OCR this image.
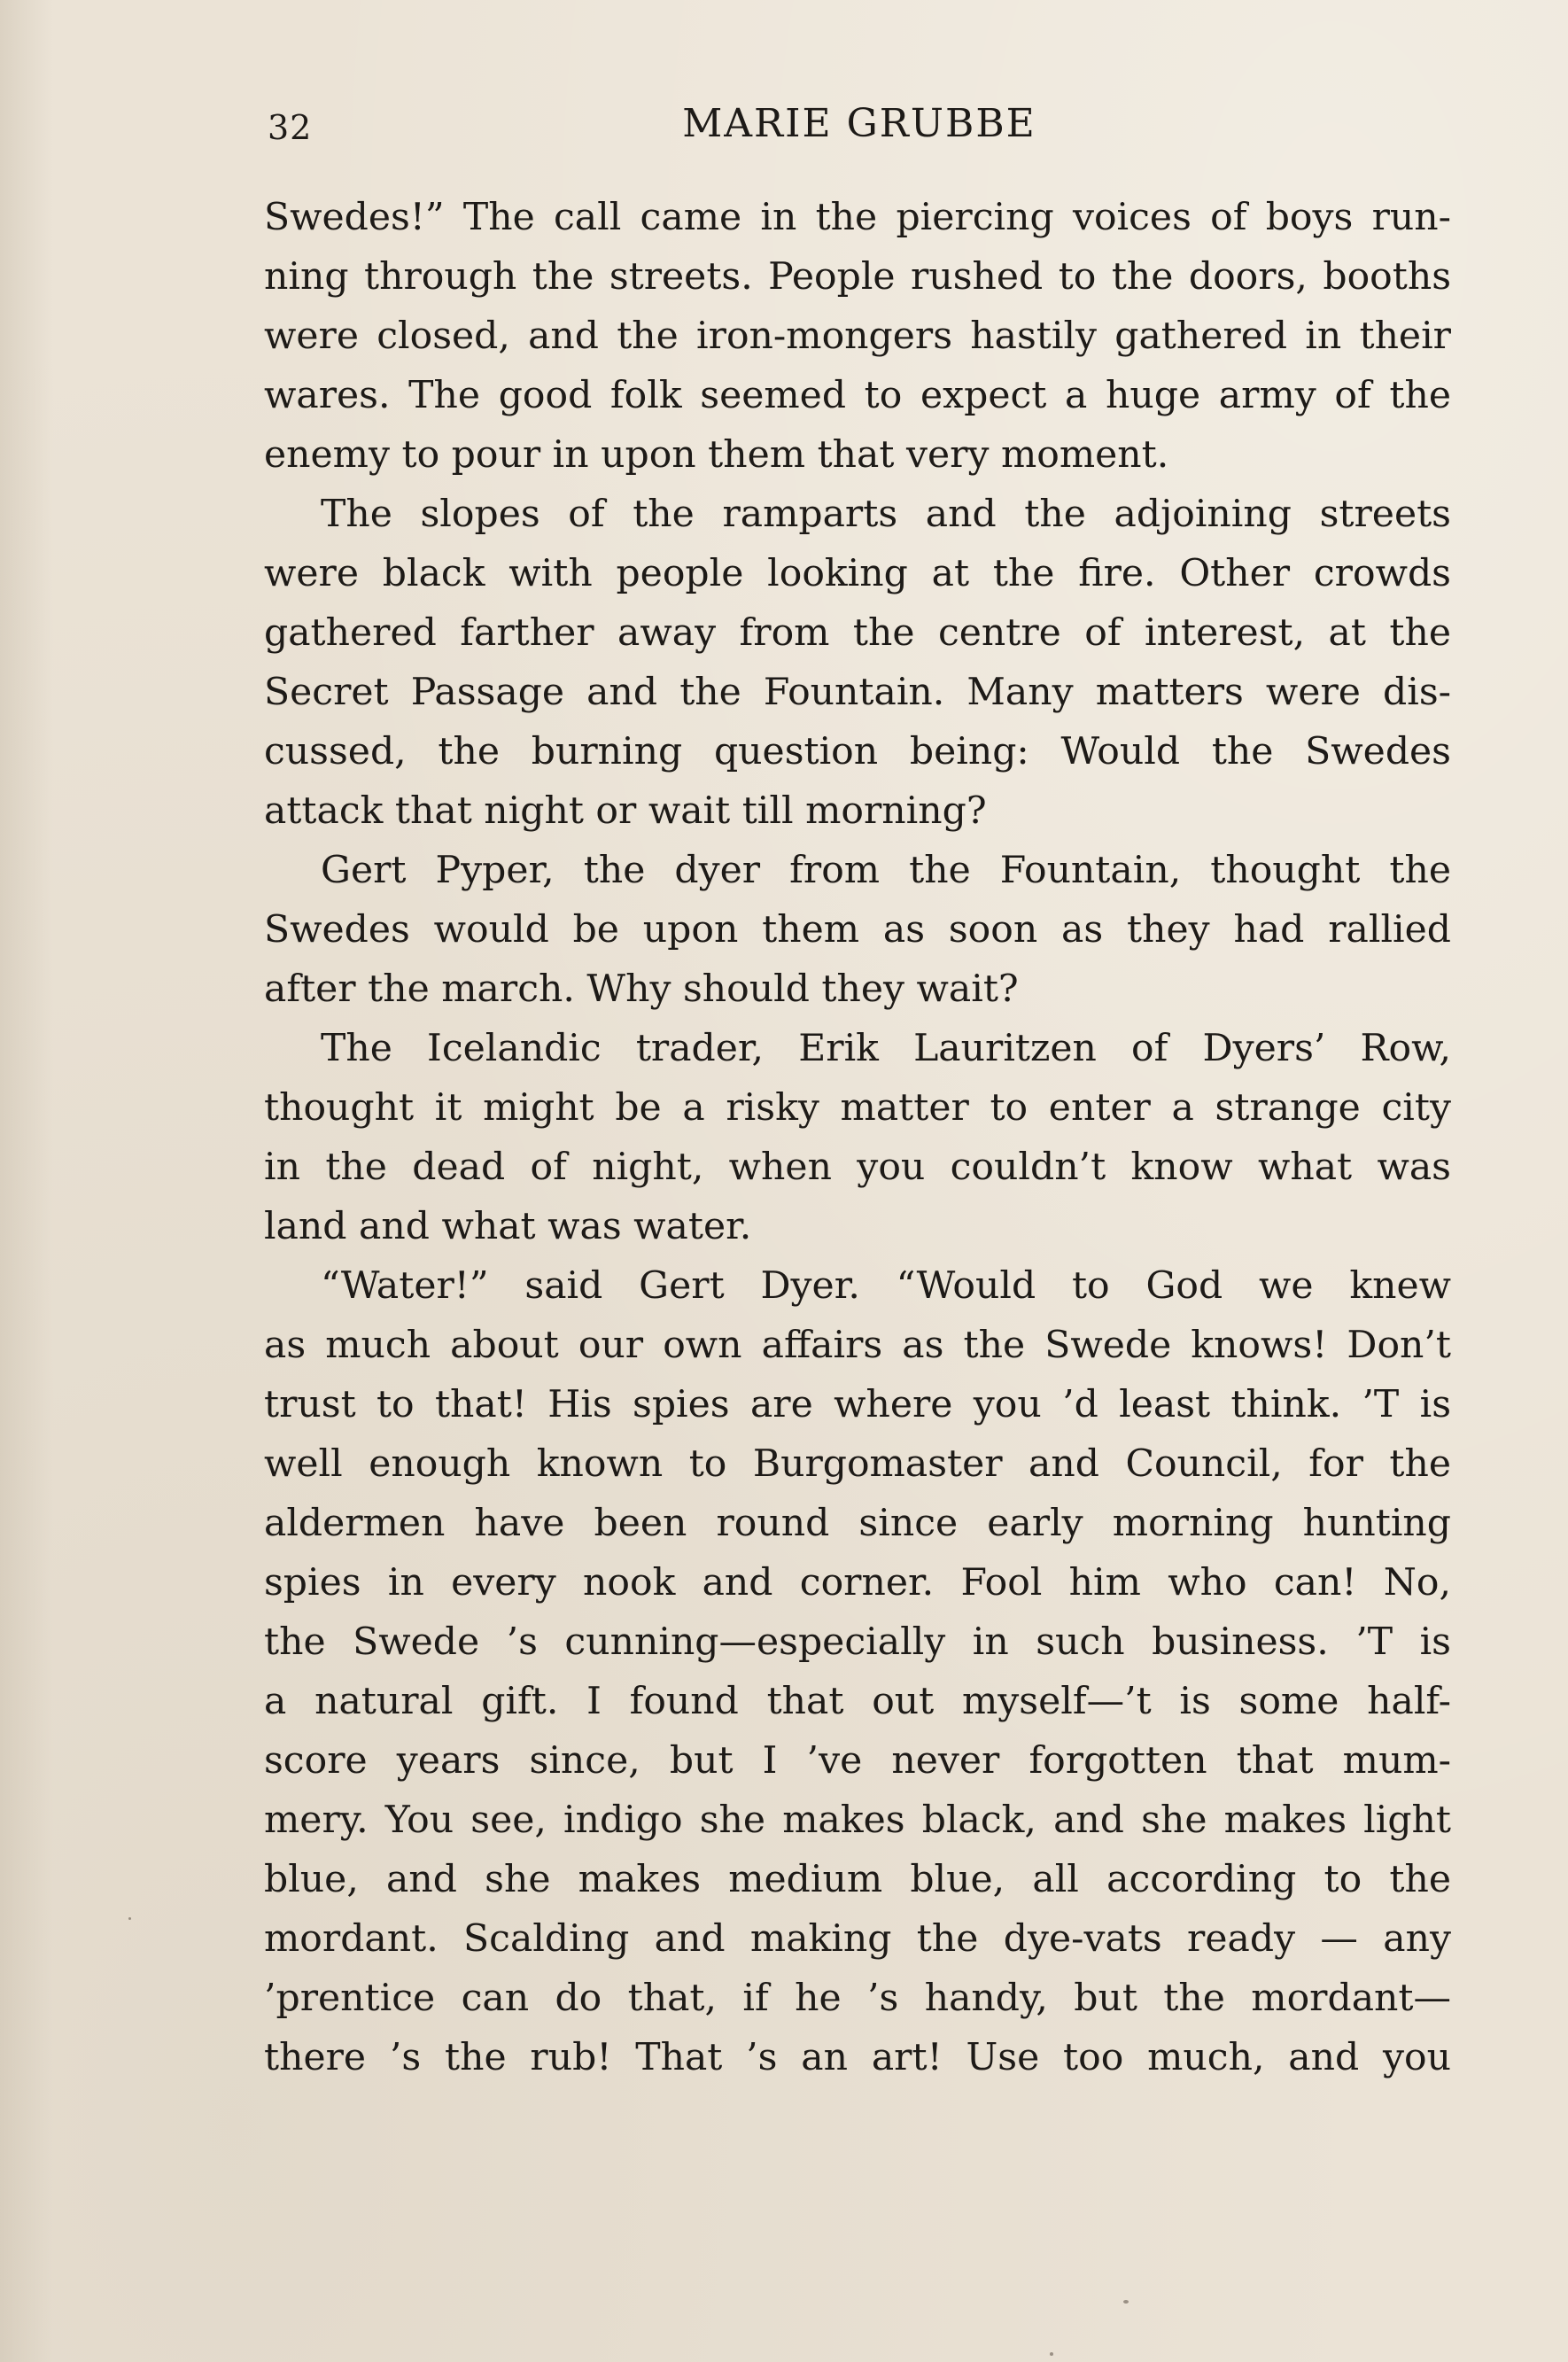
32	MARIE GRUBBE
Swedes!” The call came in the piercing voices of boys run-
ning through the streets. People rushed to the doors, booths
were closed, and the iron-mongers hastily gathered in their
wares. The good folk seemed to expect a huge army of the
enemy to pour in upon them that very moment.
The slopes of the ramparts and the adjoining streets
were black with people looking at the fire. Other crowds
gathered farther away from the centre of interest, at the
Secret Passage and the Fountain. Many matters were dis-
cussed, the burning question being: Would the Swedes
attack that night or wait till morning?
Gert Pyper, the dyer from the Fountain, thought the
Swedes would be upon them as soon as they had rallied
after the march. Why should they wait?
The Icelandic trader, Erik Lauritzen of Dyers’ Row,
thought it might be a risky matter to enter a strange city
in the dead of night, when you couldn’t know what was
land and what was water.
“Water!” said Gert Dyer. “Would to God we knew
as much about our own affairs as the Swede knows! Don’t
trust to that! His spies are where you ’d least think. ’T is
well enough known to Burgomaster and Council, for the
aldermen have been round since early morning hunting
spies in every nook and corner. Fool him who can! No,
the Swede ’s cunning—especially in such business. ’T is
a natural gift. I found that out myself—’t is some half-
score years since, but I ’ve never forgotten that mum-
mery. You see, indigo she makes black, and she makes light
blue, and she makes medium blue, all according to the
mordant. Scalding and making the dye-vats ready — any
’prentice can do that, if he ’s handy, but the mordant—
there ’s the rub! That ’s an art! Use too much, and you
